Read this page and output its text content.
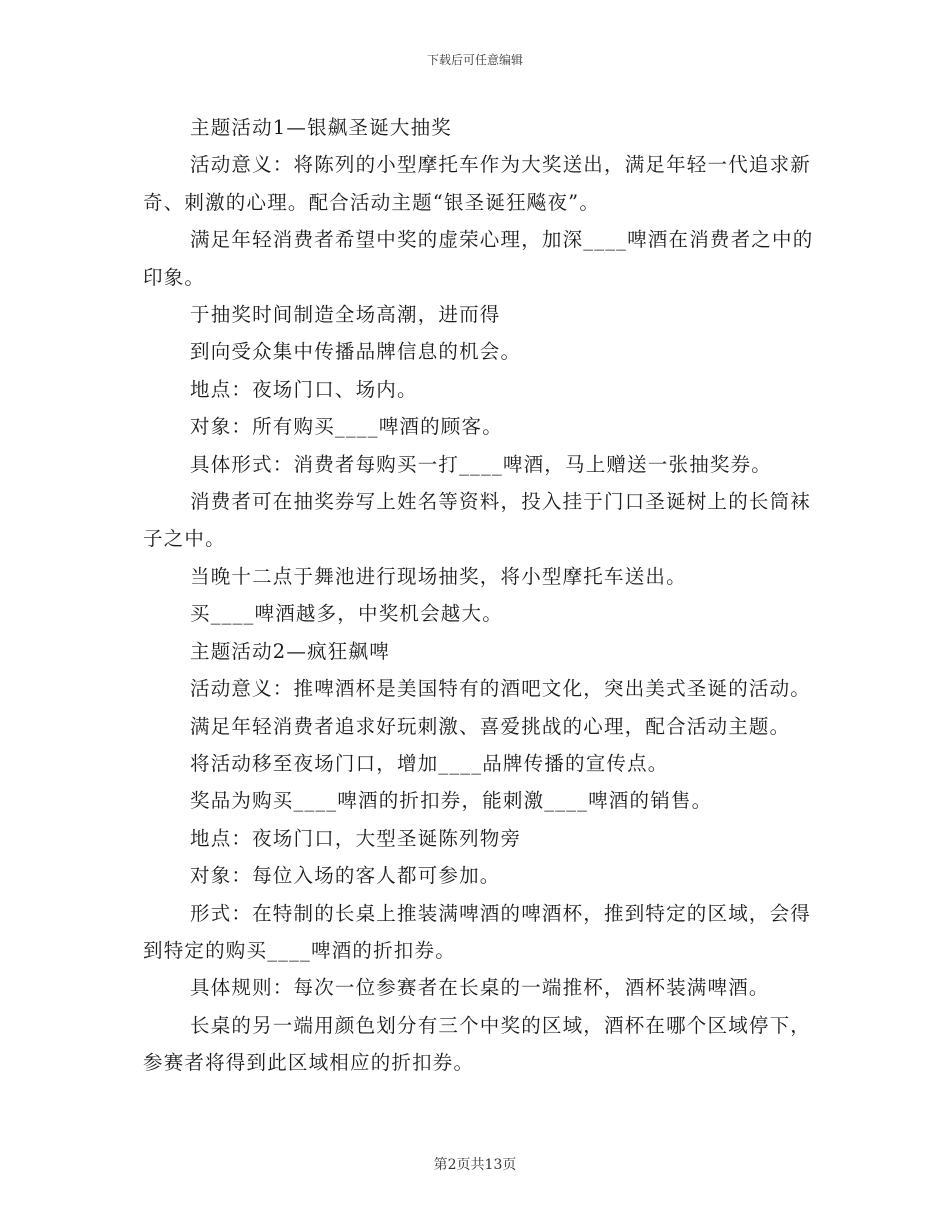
下载后可任意编辑

主题活动1—银飙圣诞大抽奖

活动意义：将陈列的小型摩托车作为大奖送出，满足年轻一代追求新奇、刺激的心理。配合活动主题“银圣诞狂飚夜”。

满足年轻消费者希望中奖的虚荣心理，加深____啤酒在消费者之中的印象。

于抽奖时间制造全场高潮，进而得

到向受众集中传播品牌信息的机会。

地点：夜场门口、场内。

对象：所有购买____啤酒的顾客。

具体形式：消费者每购买一打____啤酒，马上赠送一张抽奖券。

消费者可在抽奖券写上姓名等资料，投入挂于门口圣诞树上的长筒袜子之中。

当晚十二点于舞池进行现场抽奖，将小型摩托车送出。

买____啤酒越多，中奖机会越大。

主题活动2—疯狂飙啤

活动意义：推啤酒杯是美国特有的酒吧文化，突出美式圣诞的活动。

满足年轻消费者追求好玩刺激、喜爱挑战的心理，配合活动主题。

将活动移至夜场门口，增加____品牌传播的宣传点。

奖品为购买____啤酒的折扣券，能刺激____啤酒的销售。

地点：夜场门口，大型圣诞陈列物旁

对象：每位入场的客人都可参加。

形式：在特制的长桌上推装满啤酒的啤酒杯，推到特定的区域，会得到特定的购买____啤酒的折扣券。

具体规则：每次一位参赛者在长桌的一端推杯，酒杯装满啤酒。

长桌的另一端用颜色划分有三个中奖的区域，酒杯在哪个区域停下，参赛者将得到此区域相应的折扣券。

第2页共13页
